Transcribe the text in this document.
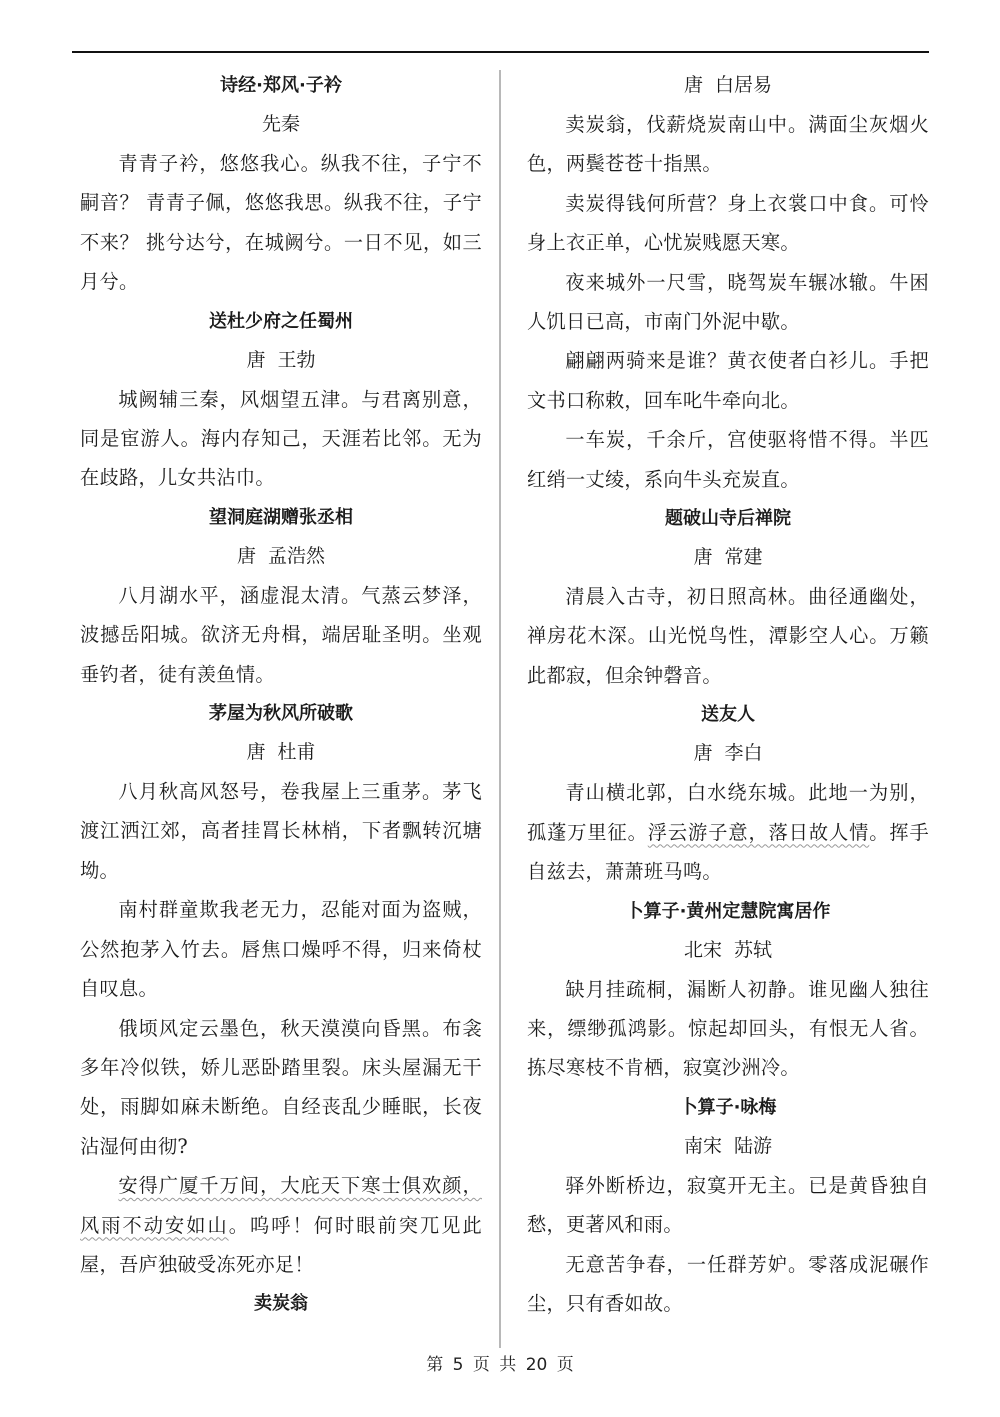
诗经·郑风·子衿
先秦

青青子衿，悠悠我心。纵我不往，子宁不嗣音？ 青青子佩，悠悠我思。纵我不往，子宁不来？ 挑兮达兮，在城阙兮。一日不见，如三月兮。

送杜少府之任蜀州
唐  王勃

城阙辅三秦，风烟望五津。与君离别意，同是宦游人。海内存知己，天涯若比邻。无为在歧路，儿女共沾巾。

望洞庭湖赠张丞相
唐  孟浩然

八月湖水平，涵虚混太清。气蒸云梦泽，波撼岳阳城。欲济无舟楫，端居耻圣明。坐观垂钓者，徒有羡鱼情。

茅屋为秋风所破歌
唐  杜甫

八月秋高风怒号，卷我屋上三重茅。茅飞渡江洒江郊，高者挂罥长林梢，下者飘转沉塘坳。

南村群童欺我老无力，忍能对面为盗贼，公然抱茅入竹去。唇焦口燥呼不得，归来倚杖自叹息。

俄顷风定云墨色，秋天漠漠向昏黑。布衾多年冷似铁，娇儿恶卧踏里裂。床头屋漏无干处，雨脚如麻未断绝。自经丧乱少睡眠，长夜沾湿何由彻?

安得广厦千万间，大庇天下寒士俱欢颜，风雨不动安如山。呜呼！何时眼前突兀见此屋，吾庐独破受冻死亦足！

卖炭翁
唐  白居易

卖炭翁，伐薪烧炭南山中。满面尘灰烟火色，两鬓苍苍十指黑。

卖炭得钱何所营？身上衣裳口中食。可怜身上衣正单，心忧炭贱愿天寒。

夜来城外一尺雪，晓驾炭车辗冰辙。牛困人饥日已高，市南门外泥中歇。

翩翩两骑来是谁？黄衣使者白衫儿。手把文书口称敕，回车叱牛牵向北。

一车炭，千余斤，宫使驱将惜不得。半匹红绡一丈绫，系向牛头充炭直。

题破山寺后禅院
唐  常建

清晨入古寺，初日照高林。曲径通幽处，禅房花木深。山光悦鸟性，潭影空人心。万籁此都寂，但余钟磬音。

送友人
唐  李白

青山横北郭，白水绕东城。此地一为别，孤蓬万里征。浮云游子意，落日故人情。挥手自兹去，萧萧班马鸣。

卜算子·黄州定慧院寓居作
北宋  苏轼

缺月挂疏桐，漏断人初静。谁见幽人独往来，缥缈孤鸿影。惊起却回头，有恨无人省。拣尽寒枝不肯栖，寂寞沙洲冷。

卜算子·咏梅
南宋  陆游

驿外断桥边，寂寞开无主。已是黄昏独自愁，更著风和雨。

无意苦争春，一任群芳妒。零落成泥碾作尘，只有香如故。

第 5 页 共 20 页
